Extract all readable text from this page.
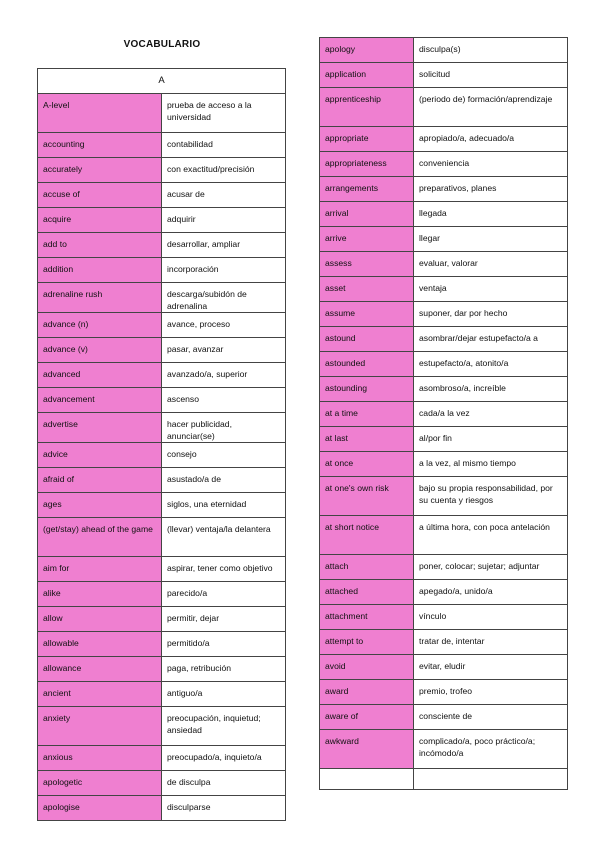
VOCABULARIO
A	

A-level	prueba de acceso a la universidad

accounting	contabilidad

accurately	con exactitud/precisión

accuse of	acusar de

acquire	adquirir

add to	desarrollar, ampliar

addition	incorporación

adrenaline rush	descarga/subidón de adrenalina

advance (n)	avance, proceso

advance (v)	pasar, avanzar

advanced	avanzado/a, superior

advancement	ascenso

advertise	hacer publicidad, anunciar(se)

advice	consejo

afraid of	asustado/a de

ages	siglos, una eternidad

(get/stay) ahead of the game	(llevar) ventaja/la delantera

aim for	aspirar, tener como objetivo

alike	parecido/a

allow	permitir, dejar

allowable	permitido/a

allowance	paga, retribución

ancient	antiguo/a

anxiety	preocupación, inquietud; ansiedad

anxious	preocupado/a, inquieto/a

apologetic	de disculpa

apologise	disculparse
apology	disculpa(s)

application	solicitud

apprenticeship	(periodo de) formación/aprendizaje

appropriate	apropiado/a, adecuado/a

appropriateness	conveniencia

arrangements	preparativos, planes

arrival	llegada

arrive	llegar

assess	evaluar, valorar

asset	ventaja

assume	suponer, dar por hecho

astound	asombrar/dejar estupefacto/a a

astounded	estupefacto/a, atonito/a

astounding	asombroso/a, increíble

at a time	cada/a la vez

at last	al/por fin

at once	a la vez, al mismo tiempo

at one's own risk	bajo su propia responsabilidad, por su cuenta y riesgos

at short notice	a última hora, con poca antelación

attach	poner, colocar; sujetar; adjuntar

attached	apegado/a, unido/a

attachment	vínculo

attempt to	tratar de, intentar

avoid	evitar, eludir

award	premio, trofeo

aware of	consciente de

awkward	complicado/a, poco práctico/a; incómodo/a
